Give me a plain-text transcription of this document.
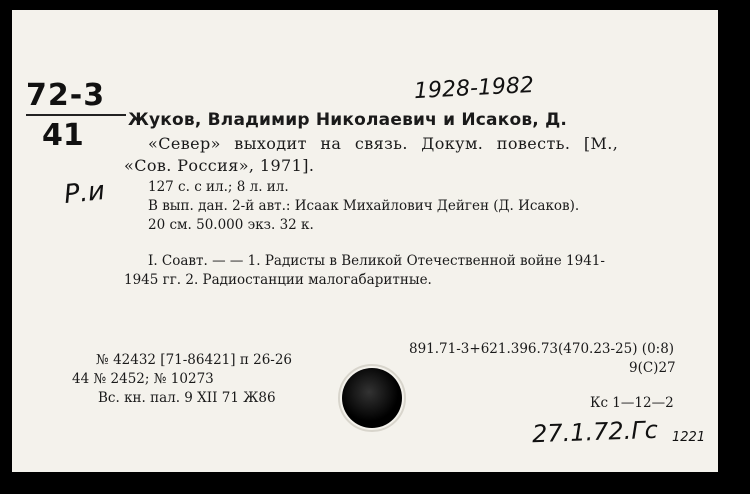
72-3
41
Р.и
1928-1982
Жуков, Владимир Николаевич и Исаков, Д.
«Север» выходит на связь. Докум. повесть. [М.,
«Сов. Россия», 1971].
127 с. с ил.; 8 л. ил.
В вып. дан. 2-й авт.: Исаак Михайлович Дейген (Д. Исаков).
20 см. 50.000 экз. 32 к.
I. Соавт. — — 1. Радисты в Великой Отечественной войне 1941-
1945 гг. 2. Радиостанции малогабаритные.
891.71-3+621.396.73(470.23-25) (0:8)
9(С)27
№ 42432 [71-86421] п 26-26
44 № 2452; № 10273
Вс. кн. пал. 9 XII 71 Ж86	Кс 1—12—2
27.1.72.Гс 1221
